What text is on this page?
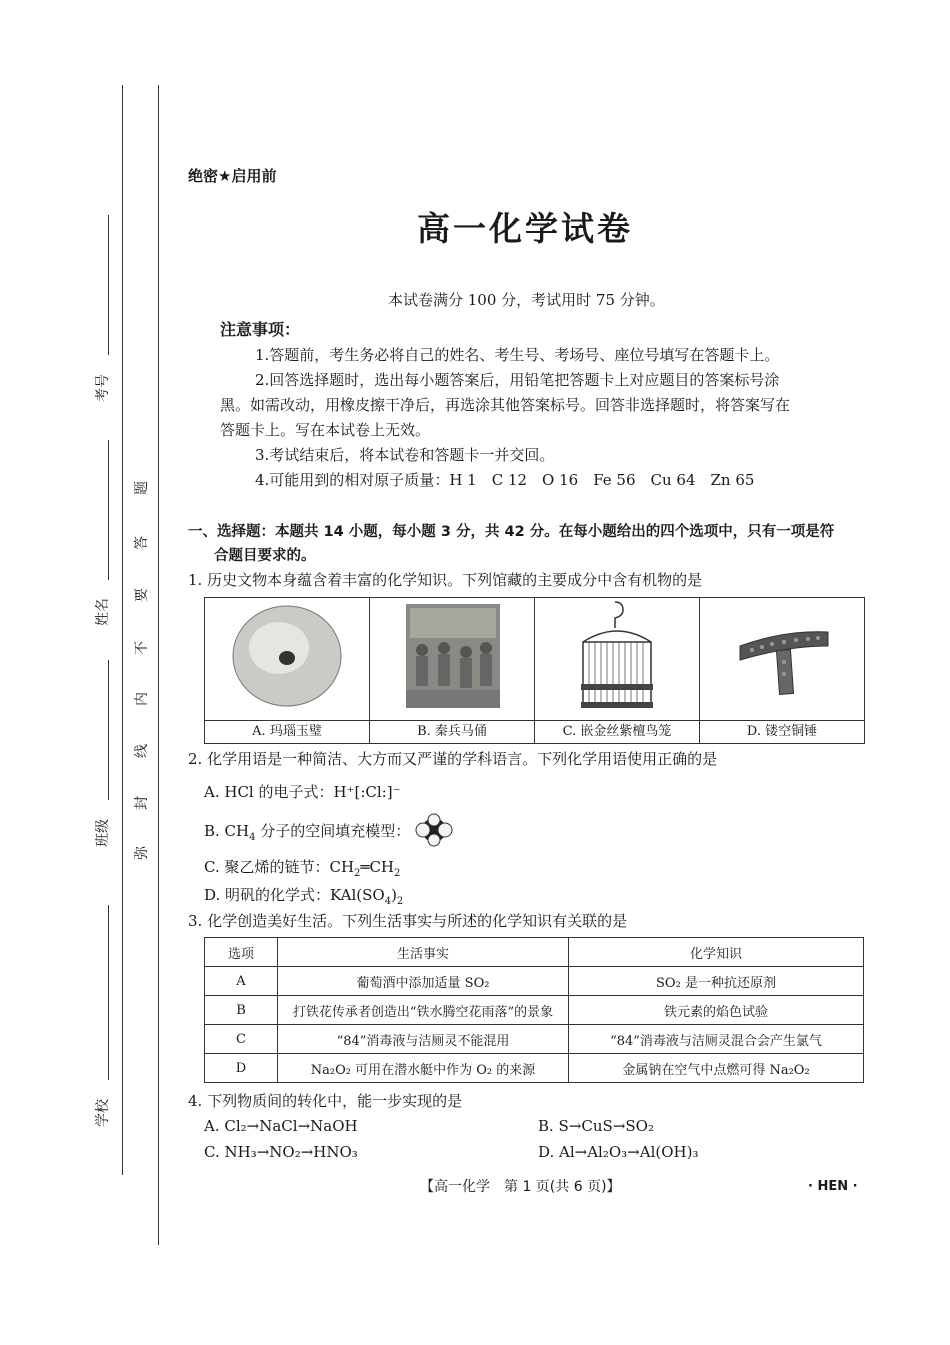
考号
姓名
班级
学校
弥
封
线
内
不
要
答
题
绝密★启用前
高一化学试卷
本试卷满分 100 分，考试用时 75 分钟。
注意事项：
1.答题前，考生务必将自己的姓名、考生号、考场号、座位号填写在答题卡上。
2.回答选择题时，选出每小题答案后，用铅笔把答题卡上对应题目的答案标号涂
黑。如需改动，用橡皮擦干净后，再选涂其他答案标号。回答非选择题时，将答案写在
答题卡上。写在本试卷上无效。
3.考试结束后，将本试卷和答题卡一并交回。
4.可能用到的相对原子质量：H 1　C 12　O 16　Fe 56　Cu 64　Zn 65
一、选择题：本题共 14 小题，每小题 3 分，共 42 分。在每小题给出的四个选项中，只有一项是符
合题目要求的。
1. 历史文物本身蕴含着丰富的化学知识。下列馆藏的主要成分中含有机物的是
A. 玛瑙玉璧	B. 秦兵马俑	C. 嵌金丝紫檀鸟笼	D. 镂空铜锤
2. 化学用语是一种简洁、大方而又严谨的学科语言。下列化学用语使用正确的是
A. HCl 的电子式：H⁺[:Cl:]⁻
B. $CH_4$ 分子的空间填充模型：
C. 聚乙烯的链节：$CH_2═CH_2$
D. 明矾的化学式：$KAl(SO_4)_2$
3. 化学创造美好生活。下列生活事实与所述的化学知识有关联的是
选项	生活事实	化学知识
A	葡萄酒中添加适量 SO₂	SO₂ 是一种抗还原剂
B	打铁花传承者创造出“铁水腾空花雨落”的景象	铁元素的焰色试验
C	“84”消毒液与洁厕灵不能混用	“84”消毒液与洁厕灵混合会产生氯气
D	Na₂O₂ 可用在潜水艇中作为 O₂ 的来源	金属钠在空气中点燃可得 Na₂O₂
4. 下列物质间的转化中，能一步实现的是
A. Cl₂→NaCl→NaOH	B. S→CuS→SO₂
C. NH₃→NO₂→HNO₃	D. Al→Al₂O₃→Al(OH)₃
【高一化学　第 1 页(共 6 页)】	· HEN ·
